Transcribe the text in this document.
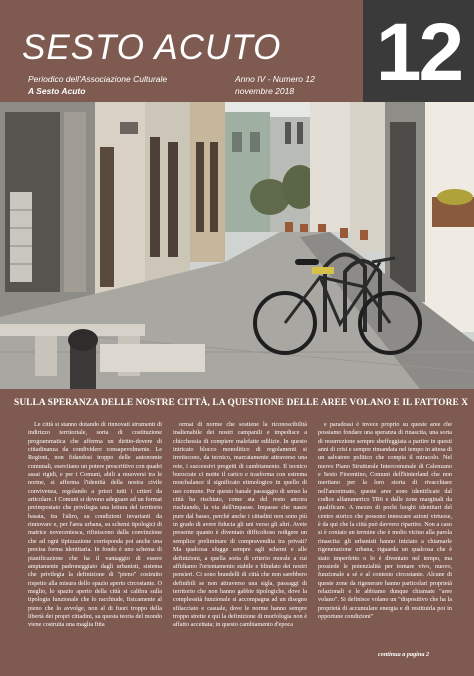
SESTO ACUTO
Periodico dell'Associazione Culturale
A Sesto Acuto
Anno IV - Numero 12
novembre 2018 12
SULLA SPERANZA DELLE NOSTRE CITTÀ, LA QUESTIONE DELLE AREE VOLANO E IL FATTORE X

Le città si stanno dotando di rinnovati strumenti di indirizzo territoriale, sorta di costituzione programmatica che afferma un diritto-dovere di cittadinanza da condividere consapevolmente. Le Regioni, non fidandosi troppo delle autonomie comunali, esercitano un potere prescrittivo con quadri assai rigidi, e per i Comuni, abili a muoversi tra le norme, si afferma l'identità della nostra civile convivenza, regolando a priori tutti i criteri da articolare. I Comuni si devono adeguare ad un format preimpostato che privilegia una lettura del territorio basata, tra l'altro, su condizioni invarianti da rinnovare e, per l'area urbana, su schemi tipologici di matrice novecentesca, rifiniscono dalla convinzione che ad ogni tipizzazione corrisponda poi anche una precisa forma identitaria. In fondo è uno schema di pianificazione che ha il vantaggio di essere ampiamente padroneggiato dagli urbanisti, sistema che privilegia la definizione di "pieno" costruito rispetto alla misura dello spazio aperto circostante. O meglio, lo spazio aperto della città si calibra sulla tipologia funzionale che lo racchiude, fisicamente al pieno che lo avvolge, non al di fuori troppo della libertà dei propri cittadini, su questa teoria del mondo viene costruita una maglia fitta

ormai di norme che sostiene la riconoscibilità inalienabile dei nostri campanili e impedisce a chicchessia di compiere malefatte edilizie. In questo intricato blocco monolitico di regolamenti si irretiscono, da tecnico, marcatamente attraverso una rete, i successivi progetti di cambiamento. Il tecnico burocrate ci mette il carico e trasforma con estrema nonchalance il significato etimologico in quello di uso comune. Per questo banale passaggio di senso la città ha rischiato, come sta del resto ancora rischiando, la via dell'impasse. Impasse che nasce pure dal basso, perché anche i cittadini non sono più in grado di avere fiducia gli uni verso gli altri. Avete presente quanto è diventato difficoltoso redigere un semplice preliminare di compravendita tra privati? Ma qualcosa sfugge sempre agli schemi e alle definizioni, a quella sorta di criterio morale a cui affidiamo l'orientamento stabile e blindato dei nostri pensieri. Ci sono brandelli di città che non sarebbero definibili se non attraverso una sigla, passaggi di territorio che non hanno gabbie tipologiche, dove la complessità funzionale si accompagna ad un disegno sfilacciato e casuale, dove le norme hanno sempre troppo strette e qui la definizione di morfologia non è affatto accettata; in questo cambiamento d'epoca

e paradossi è invece proprio su queste aree che possiamo fondare una speranza di rinascita, una sorta di resurrezione sempre sbeffeggiata a partire in questi anni di crisi e sempre rimandata nel tempo in attesa di un salvatore politico che compia il miracolo. Nel nuovo Piano Strutturale Intercomunale di Calenzano e Sesto Fiorentino, Comuni dell'hinterland che non meritano per la loro storia di rivacchiare nell'anonimato, queste aree sono identificate dal codice alfanumerico TR6 e dalle zone marginali da qualificare. A mezzo di pochi luoghi identitari del centro storico che possono innescare azioni virtuose, è da qui che la città può davvero ripartire. Non a caso si è coniato un termine che è molto vicino alla parola rinascita: gli urbanisti hanno iniziato a chiamarle rigenerazione urbana, riguarda un qualcosa che è stato imperfetto o lo è diventato nel tempo, ma possiede le potenzialità per tornare vivo, nuovo, funzionale a sé e al contesto circostante. Alcune di queste zone da rigenerare hanno particolari proprietà relazionali e le abbiamo dunque chiamate "aree volano". Si definisce volano un "dispositivo che ha la proprietà di accumulare energia e di restituirla poi in opportune condizioni"

continua a pagina 2
